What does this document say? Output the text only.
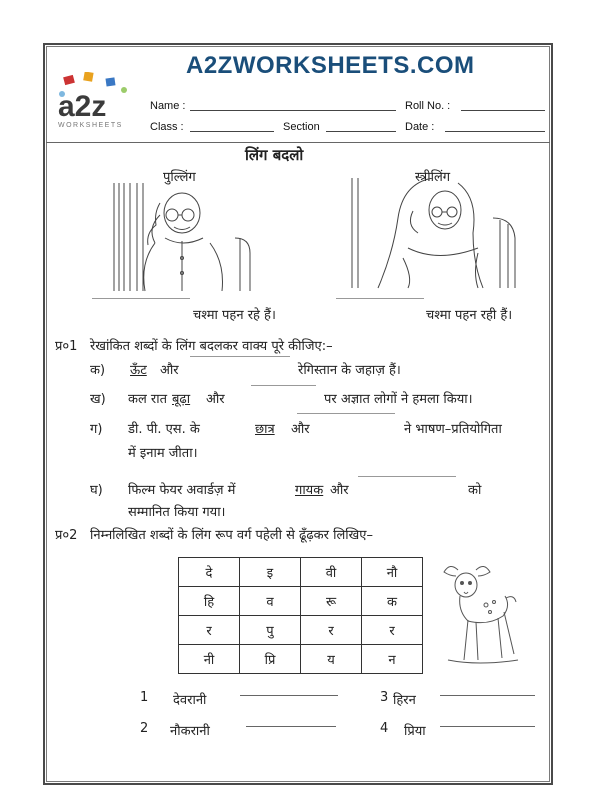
a2z
WORKSHEETS
A2ZWORKSHEETS.COM
Name :	Roll No. :
Class :	Section	Date :
लिंग बदलो
पुल्लिंग	स्त्रीलिंग
चश्मा पहन रहे हैं।	चश्मा पहन रही हैं।
प्र०1 रेखांकित शब्दों के लिंग बदलकर वाक्य पूरे कीजिए:–
क) ऊँट और	रेगिस्तान के जहाज़ हैं।
ख) कल रात बूढ़ा और	पर अज्ञात लोगों ने हमला किया।
ग) डी. पी. एस. के	छात्र और	ने भाषण–प्रतियोगिता
में इनाम जीता।
घ) फिल्म फेयर अवार्डज़ में	गायक और	को
सम्मानित किया गया।
प्र०2 निम्नलिखित शब्दों के लिंग रूप वर्ग पहेली से ढूँढ़कर लिखिए–
दे	इ	वी	नौ
हि	व	रू	क
र	पु	र	र
नी	प्रि	य	न
1 देवरानी	3 हिरन
2 नौकरानी	4 प्रिया
